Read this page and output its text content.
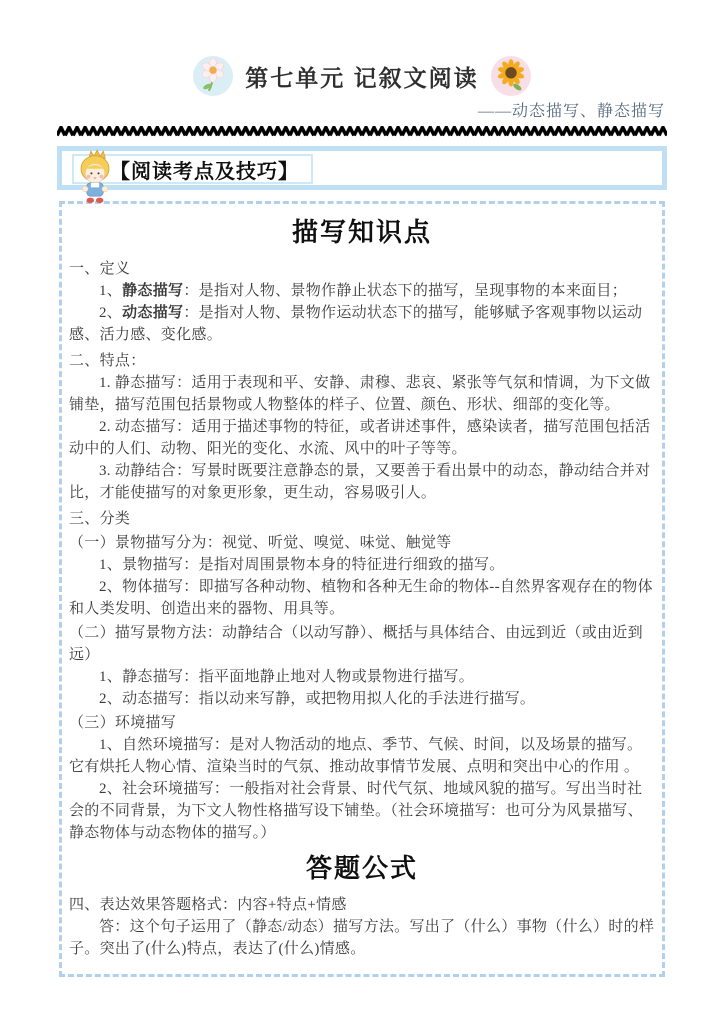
第七单元 记叙文阅读
——动态描写、静态描写
【阅读考点及技巧】
描写知识点
一、定义
1、静态描写：是指对人物、景物作静止状态下的描写，呈现事物的本来面目；
2、动态描写：是指对人物、景物作运动状态下的描写，能够赋予客观事物以运动感、活力感、变化感。
二、特点：
1. 静态描写：适用于表现和平、安静、肃穆、悲哀、紧张等气氛和情调，为下文做铺垫，描写范围包括景物或人物整体的样子、位置、颜色、形状、细部的变化等。
2. 动态描写：适用于描述事物的特征，或者讲述事件，感染读者，描写范围包括活动中的人们、动物、阳光的变化、水流、风中的叶子等等。
3. 动静结合：写景时既要注意静态的景，又要善于看出景中的动态，静动结合并对比，才能使描写的对象更形象，更生动，容易吸引人。
三、分类
（一）景物描写分为：视觉、听觉、嗅觉、味觉、触觉等
1、景物描写：是指对周围景物本身的特征进行细致的描写。
2、物体描写：即描写各种动物、植物和各种无生命的物体--自然界客观存在的物体和人类发明、创造出来的器物、用具等。
（二）描写景物方法：动静结合（以动写静）、概括与具体结合、由远到近（或由近到远）
1、静态描写：指平面地静止地对人物或景物进行描写。
2、动态描写：指以动来写静，或把物用拟人化的手法进行描写。
（三）环境描写
1、自然环境描写：是对人物活动的地点、季节、气候、时间，以及场景的描写。它有烘托人物心情、渲染当时的气氛、推动故事情节发展、点明和突出中心的作用 。
2、社会环境描写：一般指对社会背景、时代气氛、地域风貌的描写。写出当时社会的不同背景，为下文人物性格描写设下铺垫。（社会环境描写：也可分为风景描写、静态物体与动态物体的描写。）
答题公式
四、表达效果答题格式：内容+特点+情感
答：这个句子运用了（静态/动态）描写方法。写出了（什么）事物（什么）时的样子。突出了(什么)特点，表达了(什么)情感。
